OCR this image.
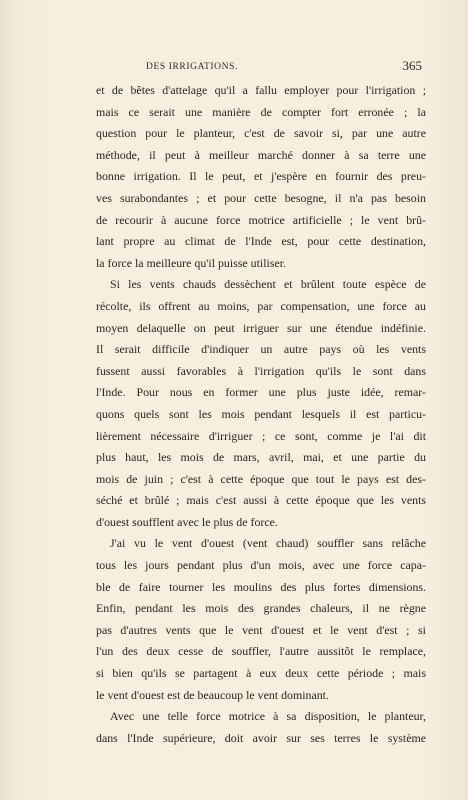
DES IRRIGATIONS.	365
et de bêtes d'attelage qu'il a fallu employer pour l'irrigation ;
mais ce serait une manière de compter fort erronée ; la
question pour le planteur, c'est de savoir si, par une autre
méthode, il peut à meilleur marché donner à sa terre une
bonne irrigation. Il le peut, et j'espère en fournir des preu-
ves surabondantes ; et pour cette besogne, il n'a pas besoin
de recourir à aucune force motrice artificielle ; le vent brû-
lant propre au climat de l'Inde est, pour cette destination,
la force la meilleure qu'il puisse utiliser.
Si les vents chauds dessèchent et brûlent toute espèce de
récolte, ils offrent au moins, par compensation, une force au
moyen delaquelle on peut irriguer sur une étendue indéfinie.
Il serait difficile d'indiquer un autre pays où les vents
fussent aussi favorables à l'irrigation qu'ils le sont dans
l'Inde. Pour nous en former une plus juste idée, remar-
quons quels sont les mois pendant lesquels il est particu-
lièrement nécessaire d'irriguer ; ce sont, comme je l'ai dit
plus haut, les mois de mars, avril, mai, et une partie du
mois de juin ; c'est à cette époque que tout le pays est des-
séché et brûlé ; mais c'est aussi à cette époque que les vents
d'ouest soufflent avec le plus de force.
J'ai vu le vent d'ouest (vent chaud) souffler sans relâche
tous les jours pendant plus d'un mois, avec une force capa-
ble de faire tourner les moulins des plus fortes dimensions.
Enfin, pendant les mois des grandes chaleurs, il ne règne
pas d'autres vents que le vent d'ouest et le vent d'est ; si
l'un des deux cesse de souffler, l'autre aussitôt le remplace,
si bien qu'ils se partagent à eux deux cette période ; mais
le vent d'ouest est de beaucoup le vent dominant.
Avec une telle force motrice à sa disposition, le planteur,
dans l'Inde supérieure, doit avoir sur ses terres le système
